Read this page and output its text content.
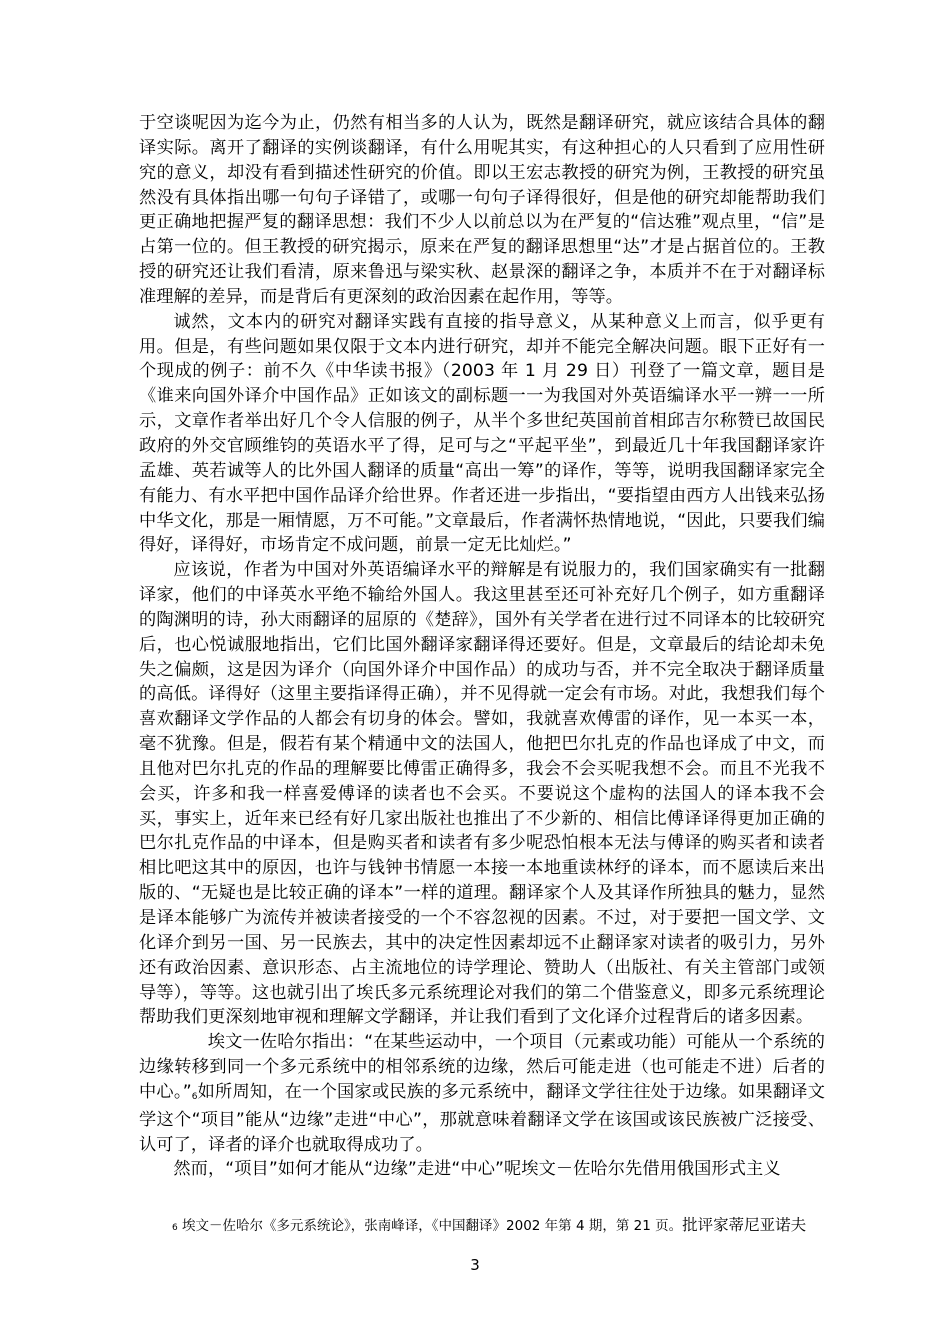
于空谈呢因为迄今为止，仍然有相当多的人认为，既然是翻译研究，就应该结合具体的翻译实际。离开了翻译的实例谈翻译，有什么用呢其实，有这种担心的人只看到了应用性研究的意义，却没有看到描述性研究的价值。即以王宏志教授的研究为例，王教授的研究虽然没有具体指出哪一句句子译错了，或哪一句句子译得很好，但是他的研究却能帮助我们更正确地把握严复的翻译思想：我们不少人以前总以为在严复的“信达雅”观点里，“信”是占第一位的。但王教授的研究揭示，原来在严复的翻译思想里“达”才是占据首位的。王教授的研究还让我们看清，原来鲁迅与梁实秋、赵景深的翻译之争，本质并不在于对翻译标准理解的差异，而是背后有更深刻的政治因素在起作用，等等。

诚然，文本内的研究对翻译实践有直接的指导意义，从某种意义上而言，似乎更有用。但是，有些问题如果仅限于文本内进行研究，却并不能完全解决问题。眼下正好有一个现成的例子：前不久《中华读书报》（2003 年 1 月 29 日）刊登了一篇文章，题目是《谁来向国外译介中国作品》正如该文的副标题一一为我国对外英语编译水平一辨一一所示，文章作者举出好几个令人信服的例子，从半个多世纪英国前首相邱吉尔称赞已故国民政府的外交官顾维钧的英语水平了得，足可与之“平起平坐”，到最近几十年我国翻译家许孟雄、英若诚等人的比外国人翻译的质量“高出一筹”的译作，等等，说明我国翻译家完全有能力、有水平把中国作品译介给世界。作者还进一步指出，“要指望由西方人出钱来弘扬中华文化，那是一厢情愿，万不可能。”文章最后，作者满怀热情地说，“因此，只要我们编得好，译得好，市场肯定不成问题，前景一定无比灿烂。”

应该说，作者为中国对外英语编译水平的辩解是有说服力的，我们国家确实有一批翻译家，他们的中译英水平绝不输给外国人。我这里甚至还可补充好几个例子，如方重翻译的陶渊明的诗，孙大雨翻译的屈原的《楚辞》，国外有关学者在进行过不同译本的比较研究后，也心悦诚服地指出，它们比国外翻译家翻译得还要好。但是，文章最后的结论却未免失之偏颇，这是因为译介（向国外译介中国作品）的成功与否，并不完全取决于翻译质量的高低。译得好（这里主要指译得正确），并不见得就一定会有市场。对此，我想我们每个喜欢翻译文学作品的人都会有切身的体会。譬如，我就喜欢傅雷的译作，见一本买一本，毫不犹豫。但是，假若有某个精通中文的法国人，他把巴尔扎克的作品也译成了中文，而且他对巴尔扎克的作品的理解要比傅雷正确得多，我会不会买呢我想不会。而且不光我不会买，许多和我一样喜爱傅译的读者也不会买。不要说这个虚构的法国人的译本我不会买，事实上，近年来已经有好几家出版社也推出了不少新的、相信比傅译译得更加正确的巴尔扎克作品的中译本，但是购买者和读者有多少呢恐怕根本无法与傅译的购买者和读者相比吧这其中的原因，也许与钱钟书情愿一本接一本地重读林纾的译本，而不愿读后来出版的、“无疑也是比较正确的译本”一样的道理。翻译家个人及其译作所独具的魅力，显然是译本能够广为流传并被读者接受的一个不容忽视的因素。不过，对于要把一国文学、文化译介到另一国、另一民族去，其中的决定性因素却远不止翻译家对读者的吸引力，另外还有政治因素、意识形态、占主流地位的诗学理论、赞助人（出版社、有关主管部门或领导等），等等。这也就引出了埃氏多元系统理论对我们的第二个借鉴意义，即多元系统理论帮助我们更深刻地审视和理解文学翻译，并让我们看到了文化译介过程背后的诸多因素。

埃文一佐哈尔指出：“在某些运动中，一个项目（元素或功能）可能从一个系统的边缘转移到同一个多元系统中的相邻系统的边缘，然后可能走进（也可能走不进）后者的中心。”$^6$如所周知，在一个国家或民族的多元系统中，翻译文学往往处于边缘。如果翻译文学这个“项目”能从“边缘”走进“中心”，那就意味着翻译文学在该国或该民族被广泛接受、认可了，译者的译介也就取得成功了。

然而，“项目”如何才能从“边缘”走进“中心”呢埃文－佐哈尔先借用俄国形式主义

6 埃文－佐哈尔《多元系统论》，张南峰译，《中国翻译》2002 年第 4 期，第 21 页。批评家蒂尼亚诺夫
3
